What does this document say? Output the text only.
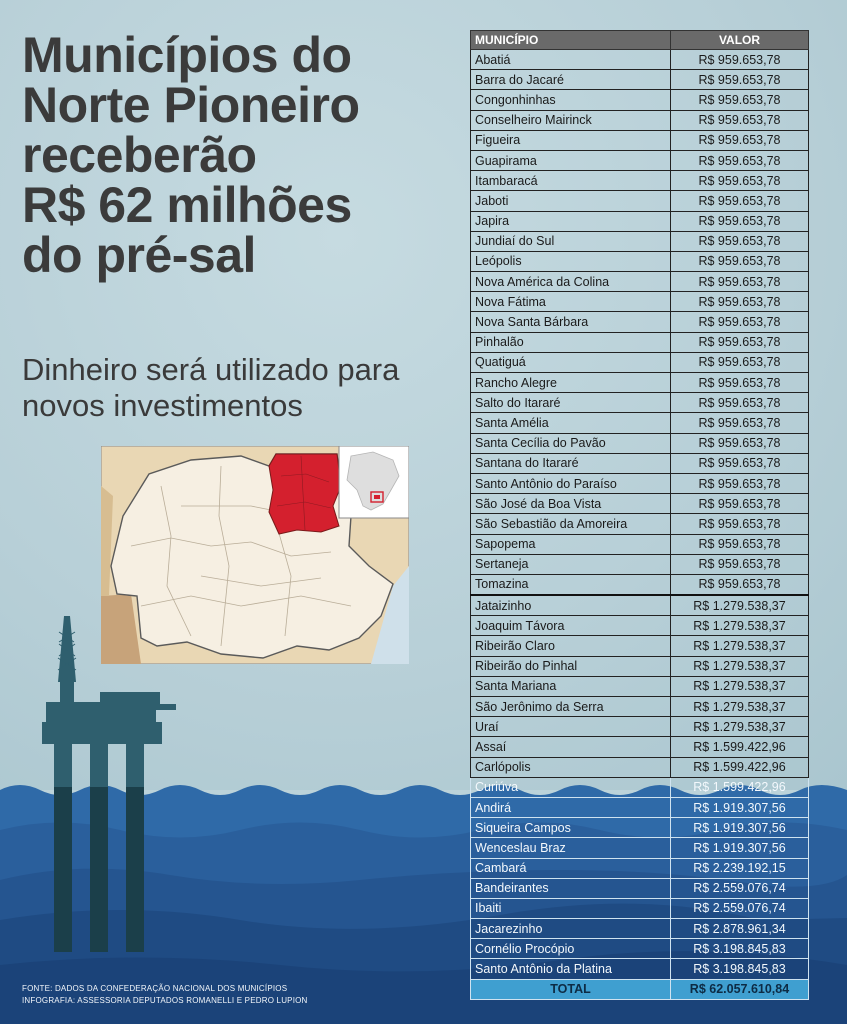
Municípios do
Norte Pioneiro
receberão
R$ 62 milhões
do pré-sal

Dinheiro será utilizado para novos investimentos

MUNICÍPIO	VALOR
Abatiá	R$ 959.653,78
Barra do Jacaré	R$ 959.653,78
Congonhinhas	R$ 959.653,78
Conselheiro Mairinck	R$ 959.653,78
Figueira	R$ 959.653,78
Guapirama	R$ 959.653,78
Itambaracá	R$ 959.653,78
Jaboti	R$ 959.653,78
Japira	R$ 959.653,78
Jundiaí do Sul	R$ 959.653,78
Leópolis	R$ 959.653,78
Nova América da Colina	R$ 959.653,78
Nova Fátima	R$ 959.653,78
Nova Santa Bárbara	R$ 959.653,78
Pinhalão	R$ 959.653,78
Quatiguá	R$ 959.653,78
Rancho Alegre	R$ 959.653,78
Salto do Itararé	R$ 959.653,78
Santa Amélia	R$ 959.653,78
Santa Cecília do Pavão	R$ 959.653,78
Santana do Itararé	R$ 959.653,78
Santo Antônio do Paraíso	R$ 959.653,78
São José da Boa Vista	R$ 959.653,78
São Sebastião da Amoreira	R$ 959.653,78
Sapopema	R$ 959.653,78
Sertaneja	R$ 959.653,78
Tomazina	R$ 959.653,78
Jataizinho	R$ 1.279.538,37
Joaquim Távora	R$ 1.279.538,37
Ribeirão Claro	R$ 1.279.538,37
Ribeirão do Pinhal	R$ 1.279.538,37
Santa Mariana	R$ 1.279.538,37
São Jerônimo da Serra	R$ 1.279.538,37
Uraí	R$ 1.279.538,37
Assaí	R$ 1.599.422,96
Carlópolis	R$ 1.599.422,96
Curiúva	R$ 1.599.422,96
Andirá	R$ 1.919.307,56
Siqueira Campos	R$ 1.919.307,56
Wenceslau Braz	R$ 1.919.307,56
Cambará	R$ 2.239.192,15
Bandeirantes	R$ 2.559.076,74
Ibaiti	R$ 2.559.076,74
Jacarezinho	R$ 2.878.961,34
Cornélio Procópio	R$ 3.198.845,83
Santo Antônio da Platina	R$ 3.198.845,83
TOTAL	R$ 62.057.610,84
FONTE: DADOS DA CONFEDERAÇÃO NACIONAL DOS MUNICÍPIOS
INFOGRAFIA: ASSESSORIA DEPUTADOS ROMANELLI E PEDRO LUPION
